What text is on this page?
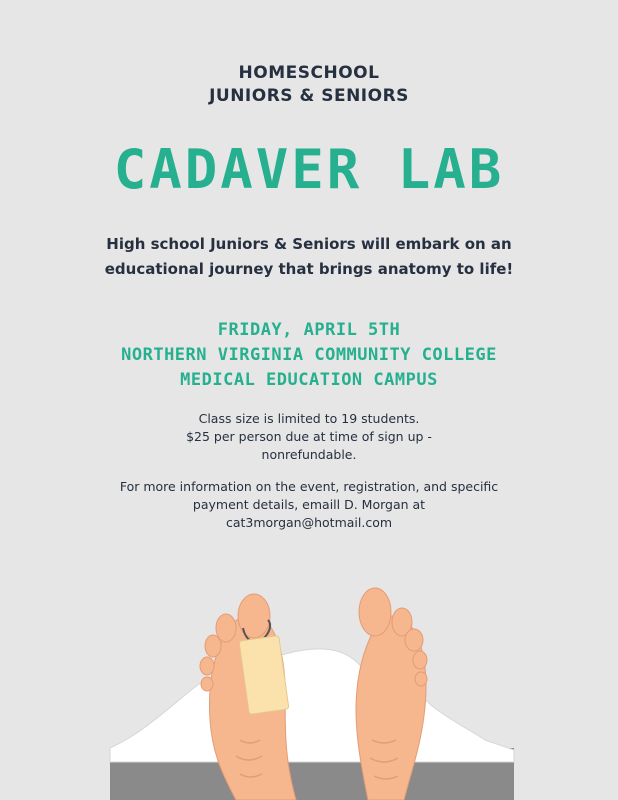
HOMESCHOOL
JUNIORS & SENIORS
CADAVER LAB
High school Juniors & Seniors will embark on an educational journey that brings anatomy to life!
FRIDAY, APRIL 5TH
NORTHERN VIRGINIA COMMUNITY COLLEGE
MEDICAL EDUCATION CAMPUS
Class size is limited to 19 students.
$25 per person due at time of sign up - nonrefundable.
For more information on the event, registration, and specific payment details, emaill D. Morgan at cat3morgan@hotmail.com
